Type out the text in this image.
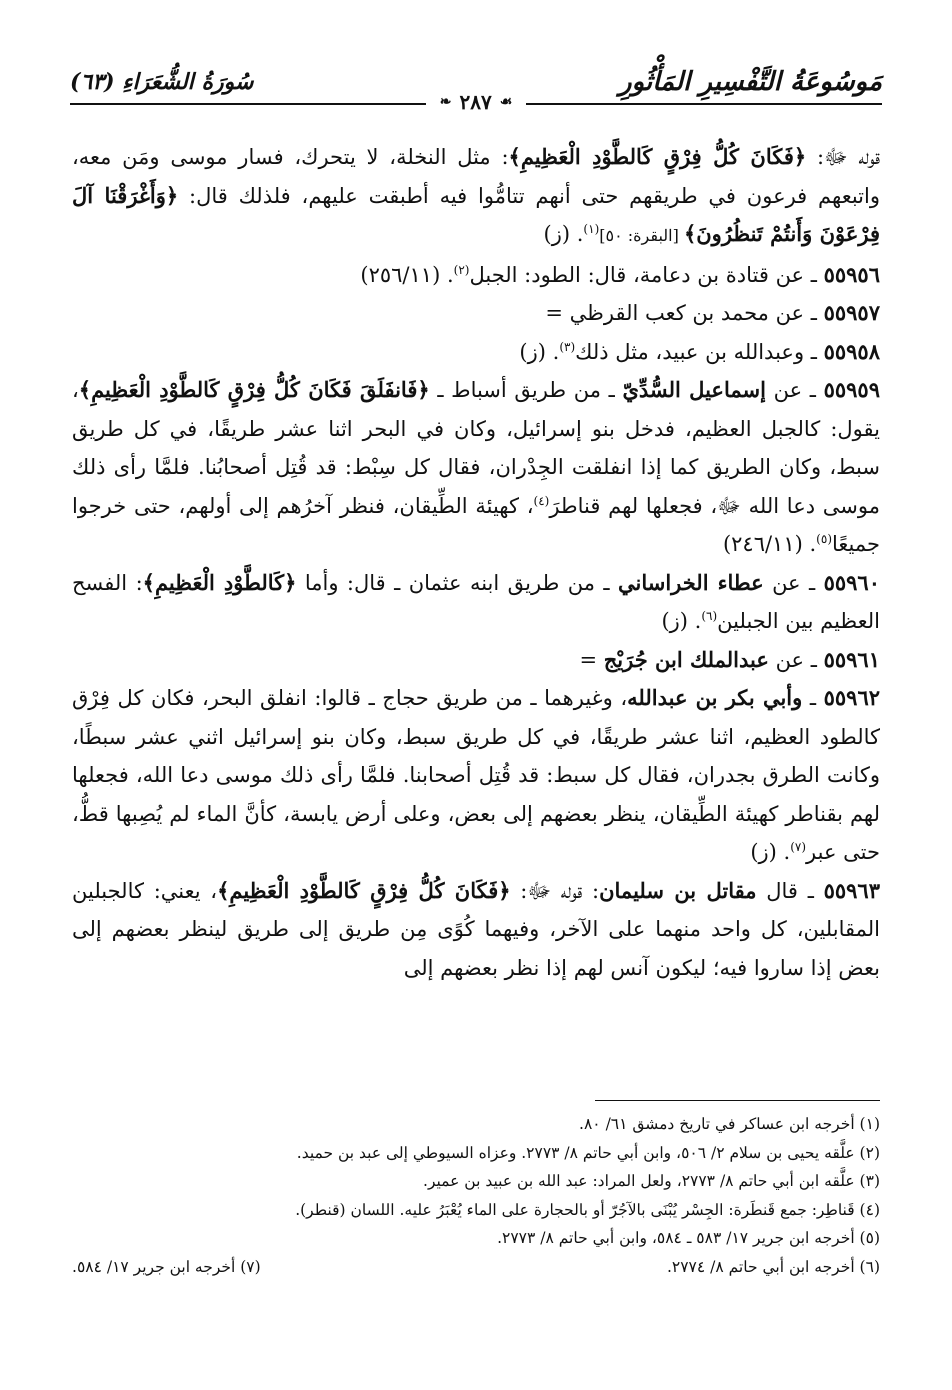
مَوسُوعَةُ التَّفْسِيرِ المَأْثُورِ
سُورَةُ الشُّعَرَاءِ (٦٣)
❧ ٢٨٧ ☙

قوله ﷻ: ﴿فَكَانَ كُلُّ فِرْقٍ كَالطَّوْدِ الْعَظِيمِ﴾: مثل النخلة، لا يتحرك، فسار موسى ومَن معه، واتبعهم فرعون في طريقهم حتى أنهم تتامُّوا فيه أطبقت عليهم، فلذلك قال: ﴿وَأَغْرَقْنَا آلَ فِرْعَوْنَ وَأَنتُمْ تَنظُرُونَ﴾ [البقرة: ٥٠]$^{(١)}$. (ز)

٥٥٩٥٦ ـ عن قتادة بن دعامة، قال: الطود: الجبل$^{(٢)}$. (٢٥٦/١١)

٥٥٩٥٧ ـ عن محمد بن كعب القرظي =

٥٥٩٥٨ ـ وعبدالله بن عبيد، مثل ذلك$^{(٣)}$. (ز)

٥٥٩٥٩ ـ عن إسماعيل السُّدِّيّ ـ من طريق أسباط ـ ﴿فَانفَلَقَ فَكَانَ كُلُّ فِرْقٍ كَالطَّوْدِ الْعَظِيمِ﴾، يقول: كالجبل العظيم، فدخل بنو إسرائيل، وكان في البحر اثنا عشر طريقًا، في كل طريق سبط، وكان الطريق كما إذا انفلقت الجِدْران، فقال كل سِبْط: قد قُتِل أصحابُنا. فلمَّا رأى ذلك موسى دعا الله ﷻ، فجعلها لهم قناطرَ$^{(٤)}$، كهيئة الطِّيقان، فنظر آخرُهم إلى أولهم، حتى خرجوا جميعًا$^{(٥)}$. (٢٤٦/١١)

٥٥٩٦٠ ـ عن عطاء الخراساني ـ من طريق ابنه عثمان ـ قال: وأما ﴿كَالطَّوْدِ الْعَظِيمِ﴾: الفسح العظيم بين الجبلين$^{(٦)}$. (ز)

٥٥٩٦١ ـ عن عبدالملك ابن جُرَيْج =

٥٥٩٦٢ ـ وأبي بكر بن عبدالله، وغيرهما ـ من طريق حجاج ـ قالوا: انفلق البحر، فكان كل فِرْق كالطود العظيم، اثنا عشر طريقًا، في كل طريق سبط، وكان بنو إسرائيل اثني عشر سبطًا، وكانت الطرق بجدران، فقال كل سبط: قد قُتِل أصحابنا. فلمَّا رأى ذلك موسى دعا الله، فجعلها لهم بقناطر كهيئة الطِّيقان، ينظر بعضهم إلى بعض، وعلى أرض يابسة، كأنَّ الماء لم يُصِبها قطُّ، حتى عبر$^{(٧)}$. (ز)

٥٥٩٦٣ ـ قال مقاتل بن سليمان: قوله ﷻ: ﴿فَكَانَ كُلُّ فِرْقٍ كَالطَّوْدِ الْعَظِيمِ﴾، يعني: كالجبلين المقابلين، كل واحد منهما على الآخر، وفيهما كُوًى مِن طريق إلى طريق لينظر بعضهم إلى بعض إذا ساروا فيه؛ ليكون آنس لهم إذا نظر بعضهم إلى

(١) أخرجه ابن عساكر في تاريخ دمشق ٦١/ ٨٠.

(٢) علَّقه يحيى بن سلام ٢/ ٥٠٦، وابن أبي حاتم ٨/ ٢٧٧٣. وعزاه السيوطي إلى عبد بن حميد.

(٣) علَّقه ابن أبي حاتم ٨/ ٢٧٧٣، ولعل المراد: عبد الله بن عبيد بن عمير.

(٤) قَناطِر: جمع قَنطَرة: الجِسْر يُبْنَى بالآجُرّ أو بالحجارة على الماء يُعْبَرُ عليه. اللسان (قنطر).

(٥) أخرجه ابن جرير ١٧/ ٥٨٣ ـ ٥٨٤، وابن أبي حاتم ٨/ ٢٧٧٣.

(٦) أخرجه ابن أبي حاتم ٨/ ٢٧٧٤.
(٧) أخرجه ابن جرير ١٧/ ٥٨٤.
